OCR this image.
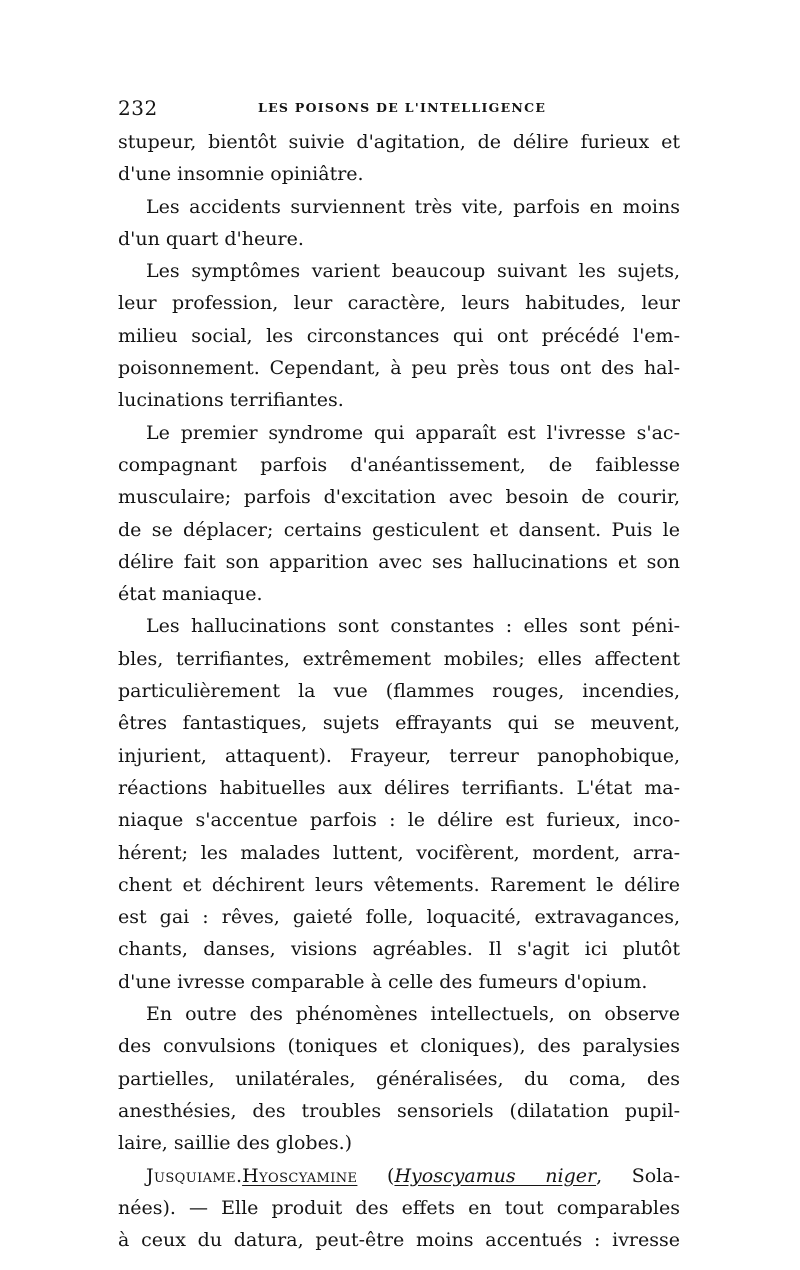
232	LES POISONS DE L'INTELLIGENCE
stupeur, bientôt suivie d'agitation, de délire furieux et
d'une insomnie opiniâtre.
Les accidents surviennent très vite, parfois en moins
d'un quart d'heure.
Les symptômes varient beaucoup suivant les sujets,
leur profession, leur caractère, leurs habitudes, leur
milieu social, les circonstances qui ont précédé l'em-
poisonnement. Cependant, à peu près tous ont des hal-
lucinations terrifiantes.
Le premier syndrome qui apparaît est l'ivresse s'ac-
compagnant parfois d'anéantissement, de faiblesse
musculaire; parfois d'excitation avec besoin de courir,
de se déplacer; certains gesticulent et dansent. Puis le
délire fait son apparition avec ses hallucinations et son
état maniaque.
Les hallucinations sont constantes : elles sont péni-
bles, terrifiantes, extrêmement mobiles; elles affectent
particulièrement la vue (flammes rouges, incendies,
êtres fantastiques, sujets effrayants qui se meuvent,
injurient, attaquent). Frayeur, terreur panophobique,
réactions habituelles aux délires terrifiants. L'état ma-
niaque s'accentue parfois : le délire est furieux, inco-
hérent; les malades luttent, vocifèrent, mordent, arra-
chent et déchirent leurs vêtements. Rarement le délire
est gai : rêves, gaieté folle, loquacité, extravagances,
chants, danses, visions agréables. Il s'agit ici plutôt
d'une ivresse comparable à celle des fumeurs d'opium.
En outre des phénomènes intellectuels, on observe
des convulsions (toniques et cloniques), des paralysies
partielles, unilatérales, généralisées, du coma, des
anesthésies, des troubles sensoriels (dilatation pupil-
laire, saillie des globes.)
Jusquiame.Hyoscyamine (Hyoscyamus niger, Sola-
nées). — Elle produit des effets en tout comparables
à ceux du datura, peut-être moins accentués : ivresse
